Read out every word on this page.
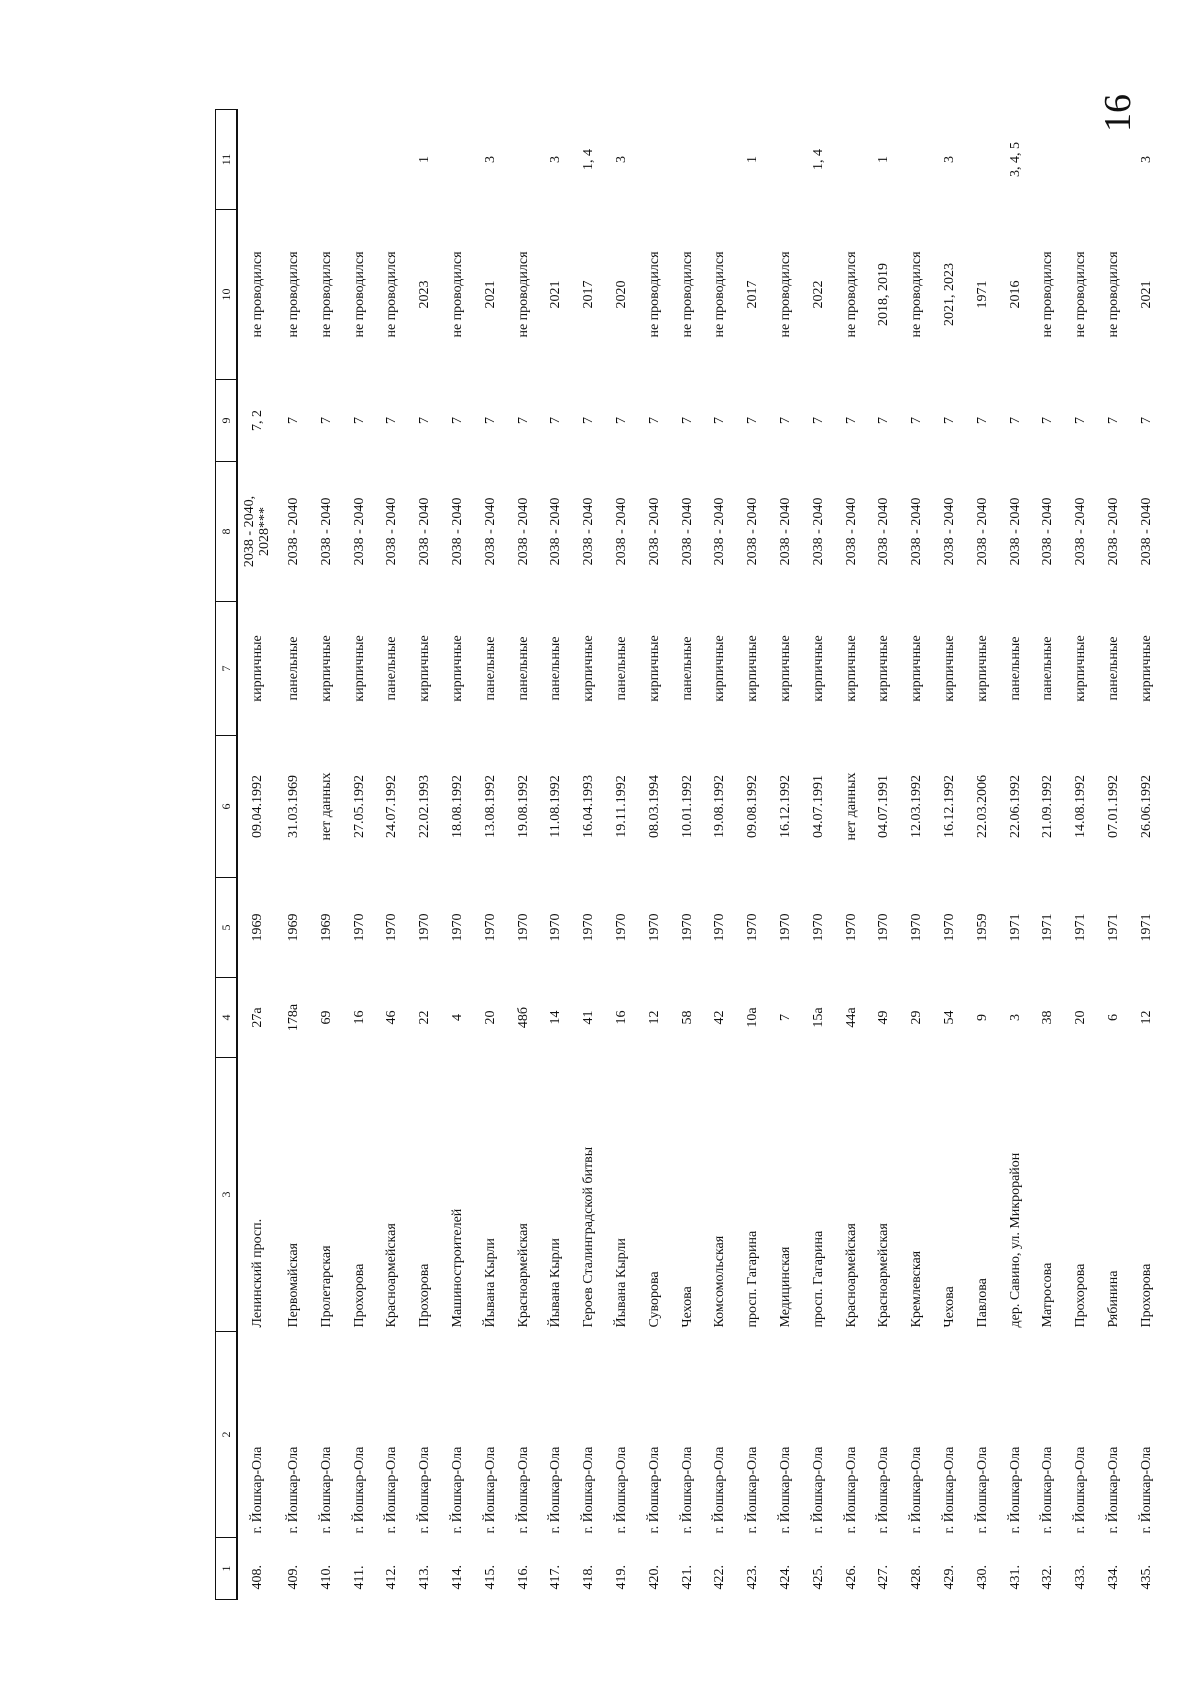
16
1	2	3	4	5	6	7	8	9	10	11
408.	г. Йошкар-Ола	Ленинский просп.	27а	1969	09.04.1992	кирпичные	2038 - 2040,
2028***	7, 2	не проводился	
409.	г. Йошкар-Ола	Первомайская	178а	1969	31.03.1969	панельные	2038 - 2040	7	не проводился	
410.	г. Йошкар-Ола	Пролетарская	69	1969	нет данных	кирпичные	2038 - 2040	7	не проводился	
411.	г. Йошкар-Ола	Прохорова	16	1970	27.05.1992	кирпичные	2038 - 2040	7	не проводился	
412.	г. Йошкар-Ола	Красноармейская	46	1970	24.07.1992	панельные	2038 - 2040	7	не проводился	
413.	г. Йошкар-Ола	Прохорова	22	1970	22.02.1993	кирпичные	2038 - 2040	7	2023	1
414.	г. Йошкар-Ола	Машиностроителей	4	1970	18.08.1992	кирпичные	2038 - 2040	7	не проводился	
415.	г. Йошкар-Ола	Йывана Кырли	20	1970	13.08.1992	панельные	2038 - 2040	7	2021	3
416.	г. Йошкар-Ола	Красноармейская	48б	1970	19.08.1992	панельные	2038 - 2040	7	не проводился	
417.	г. Йошкар-Ола	Йывана Кырли	14	1970	11.08.1992	панельные	2038 - 2040	7	2021	3
418.	г. Йошкар-Ола	Героев Сталинградской битвы	41	1970	16.04.1993	кирпичные	2038 - 2040	7	2017	1, 4
419.	г. Йошкар-Ола	Йывана Кырли	16	1970	19.11.1992	панельные	2038 - 2040	7	2020	3
420.	г. Йошкар-Ола	Суворова	12	1970	08.03.1994	кирпичные	2038 - 2040	7	не проводился	
421.	г. Йошкар-Ола	Чехова	58	1970	10.01.1992	панельные	2038 - 2040	7	не проводился	
422.	г. Йошкар-Ола	Комсомольская	42	1970	19.08.1992	кирпичные	2038 - 2040	7	не проводился	
423.	г. Йошкар-Ола	просп. Гагарина	10а	1970	09.08.1992	кирпичные	2038 - 2040	7	2017	1
424.	г. Йошкар-Ола	Медицинская	7	1970	16.12.1992	кирпичные	2038 - 2040	7	не проводился	
425.	г. Йошкар-Ола	просп. Гагарина	15а	1970	04.07.1991	кирпичные	2038 - 2040	7	2022	1, 4
426.	г. Йошкар-Ола	Красноармейская	44а	1970	нет данных	кирпичные	2038 - 2040	7	не проводился	
427.	г. Йошкар-Ола	Красноармейская	49	1970	04.07.1991	кирпичные	2038 - 2040	7	2018, 2019	1
428.	г. Йошкар-Ола	Кремлевская	29	1970	12.03.1992	кирпичные	2038 - 2040	7	не проводился	
429.	г. Йошкар-Ола	Чехова	54	1970	16.12.1992	кирпичные	2038 - 2040	7	2021, 2023	3
430.	г. Йошкар-Ола	Павлова	9	1959	22.03.2006	кирпичные	2038 - 2040	7	1971	
431.	г. Йошкар-Ола	дер. Савино, ул. Микрорайон	3	1971	22.06.1992	панельные	2038 - 2040	7	2016	3, 4, 5
432.	г. Йошкар-Ола	Матросова	38	1971	21.09.1992	панельные	2038 - 2040	7	не проводился	
433.	г. Йошкар-Ола	Прохорова	20	1971	14.08.1992	кирпичные	2038 - 2040	7	не проводился	
434.	г. Йошкар-Ола	Рябинина	6	1971	07.01.1992	панельные	2038 - 2040	7	не проводился	
435.	г. Йошкар-Ола	Прохорова	12	1971	26.06.1992	кирпичные	2038 - 2040	7	2021	3
